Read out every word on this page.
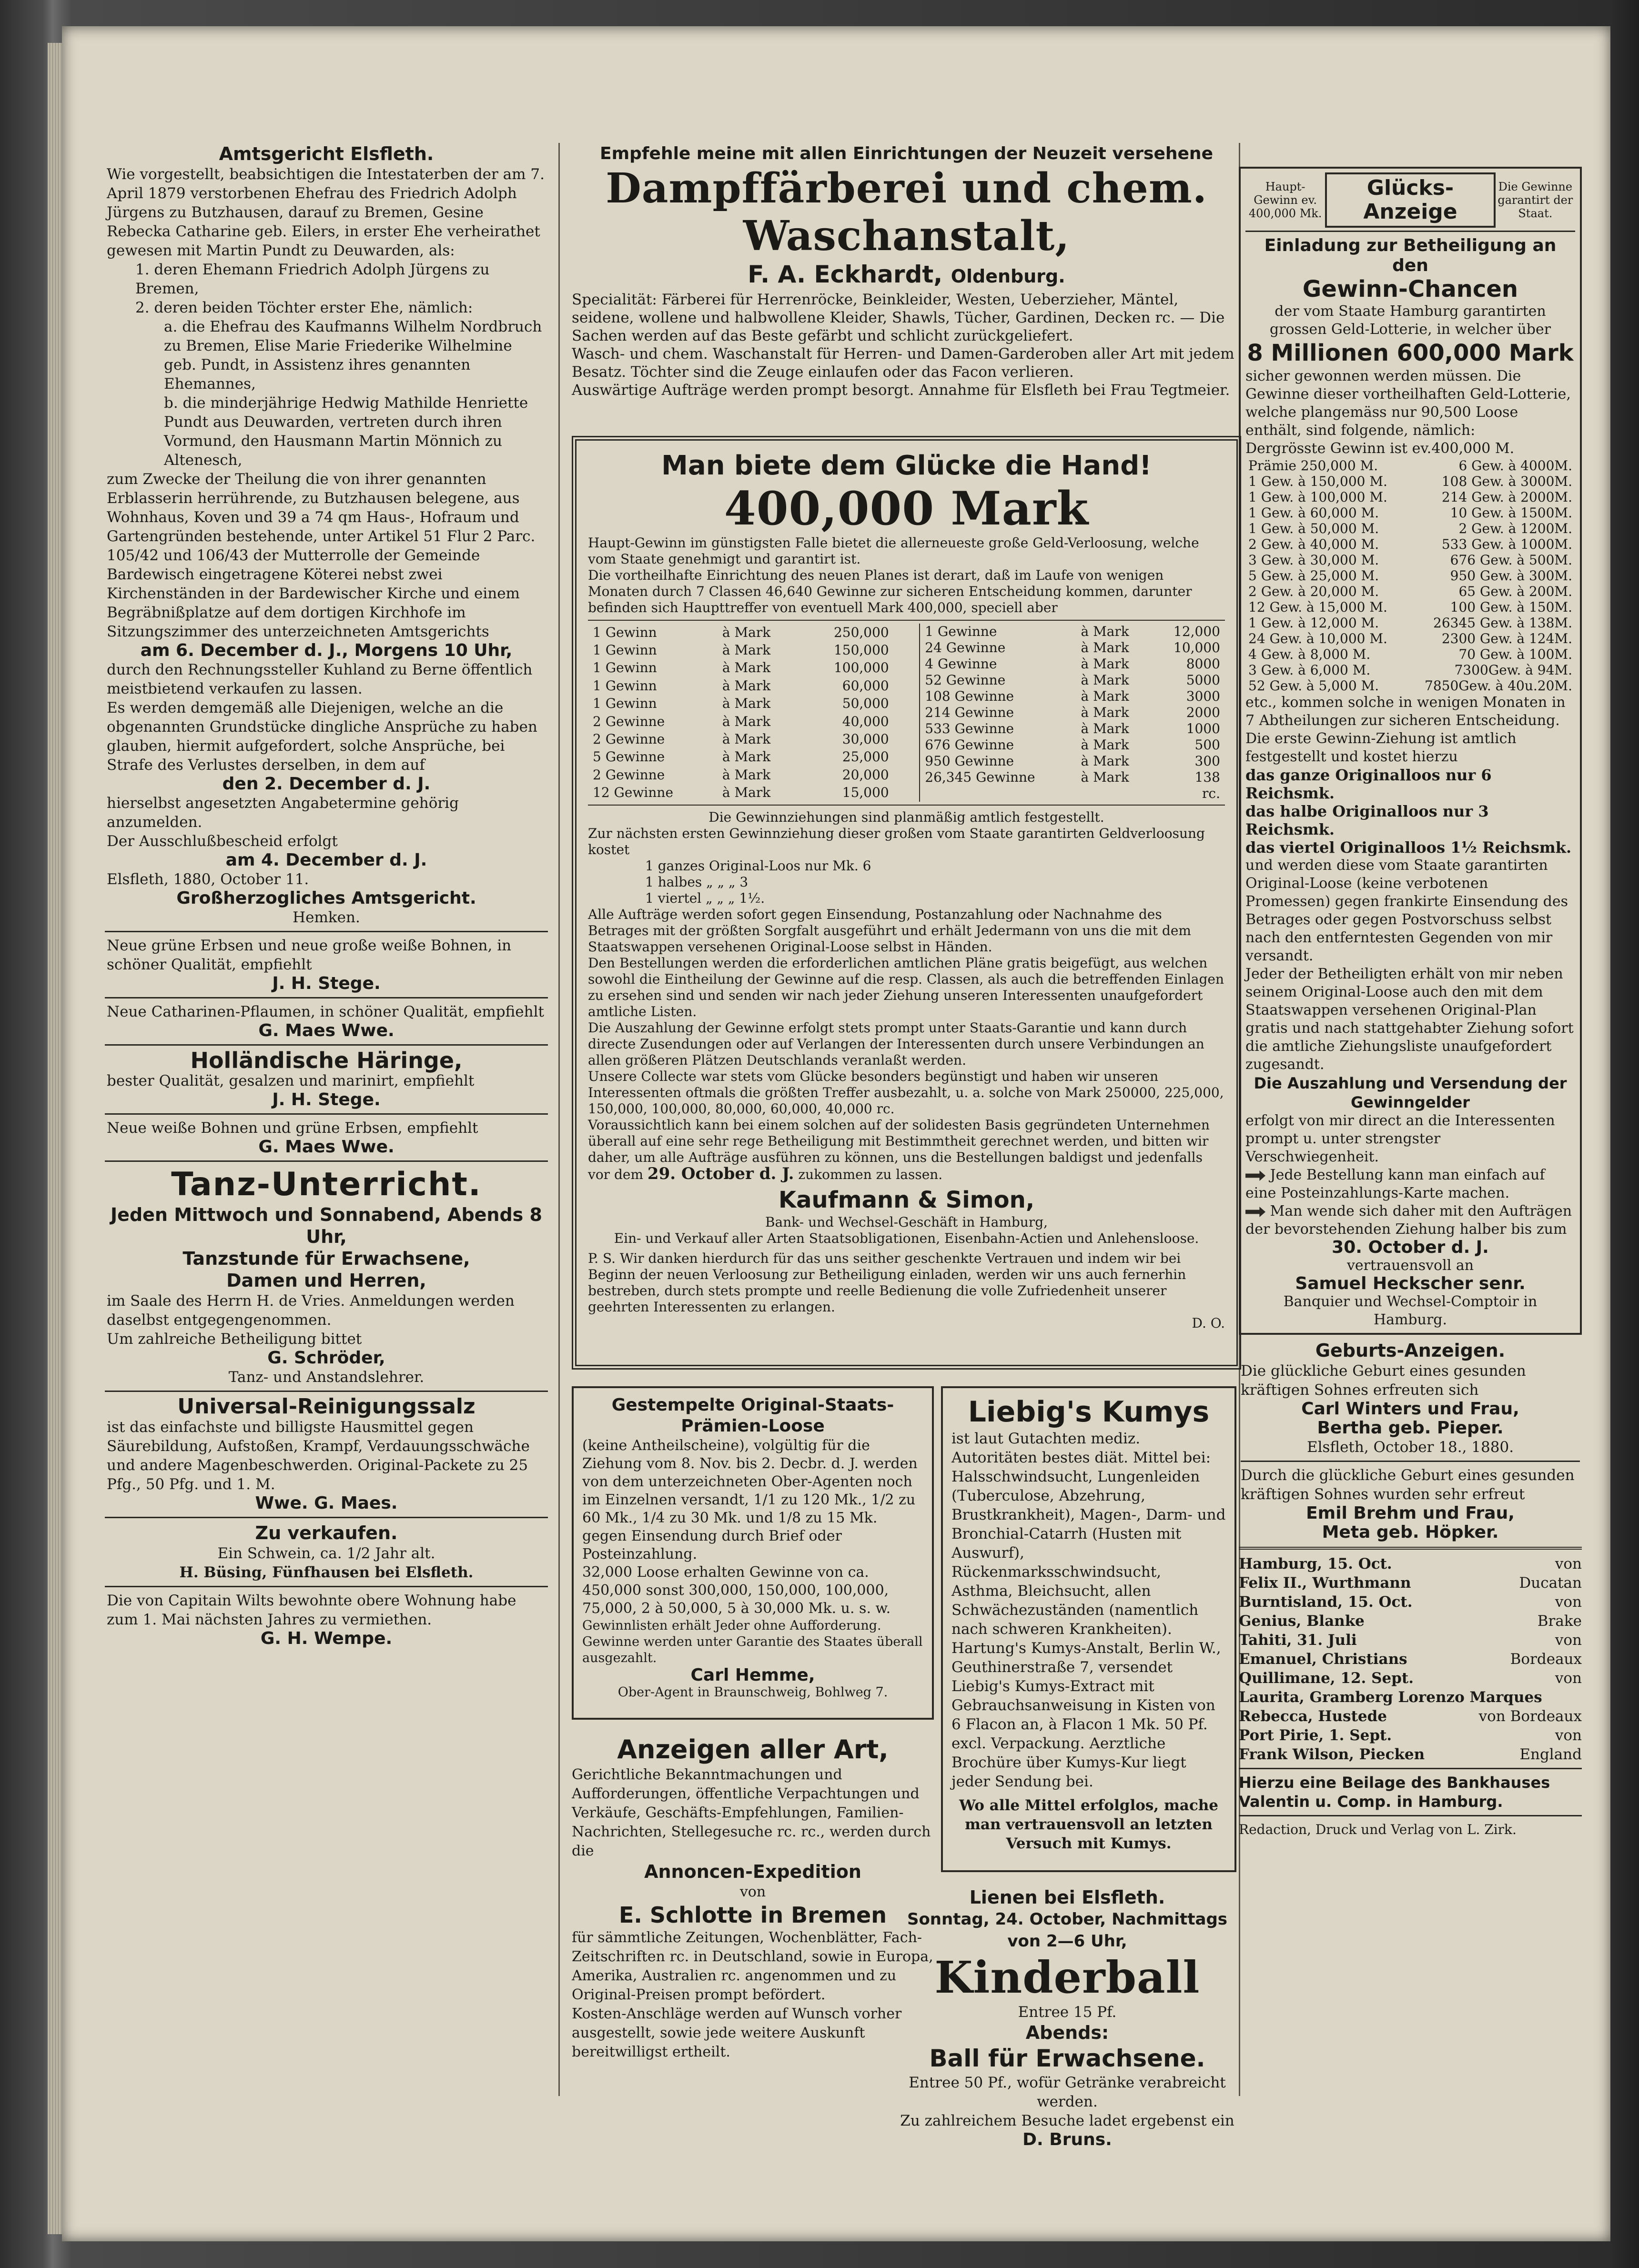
Amtsgericht Elsfleth.

Wie vorgestellt, beabsichtigen die Intestaterben der am 7. April 1879 verstorbenen Ehefrau des Friedrich Adolph Jürgens zu Butzhausen, darauf zu Bremen, Gesine Rebecka Catharine geb. Eilers, in erster Ehe verheirathet gewesen mit Martin Pundt zu Deuwarden, als:

1. deren Ehemann Friedrich Adolph Jürgens zu Bremen,

2. deren beiden Töchter erster Ehe, nämlich:

a. die Ehefrau des Kaufmanns Wilhelm Nordbruch zu Bremen, Elise Marie Friederike Wilhelmine geb. Pundt, in Assistenz ihres genannten Ehemannes,

b. die minderjährige Hedwig Mathilde Henriette Pundt aus Deuwarden, vertreten durch ihren Vormund, den Hausmann Martin Mönnich zu Altenesch,

zum Zwecke der Theilung die von ihrer genannten Erblasserin herrührende, zu Butzhausen belegene, aus Wohnhaus, Koven und 39 a 74 qm Haus-, Hofraum und Gartengründen bestehende, unter Artikel 51 Flur 2 Parc. 105/42 und 106/43 der Mutterrolle der Gemeinde Bardewisch eingetragene Köterei nebst zwei Kirchenständen in der Bardewischer Kirche und einem Begräbnißplatze auf dem dortigen Kirchhofe im Sitzungszimmer des unterzeichneten Amtsgerichts

am 6. December d. J., Morgens 10 Uhr,

durch den Rechnungssteller Kuhland zu Berne öffentlich meistbietend verkaufen zu lassen.

Es werden demgemäß alle Diejenigen, welche an die obgenannten Grundstücke dingliche Ansprüche zu haben glauben, hiermit aufgefordert, solche Ansprüche, bei Strafe des Verlustes derselben, in dem auf

den 2. December d. J.

hierselbst angesetzten Angabetermine gehörig anzumelden.

Der Ausschlußbescheid erfolgt

am 4. December d. J.

Elsfleth, 1880, October 11.

Großherzogliches Amtsgericht.
Hemken.

Neue grüne Erbsen und neue große weiße Bohnen, in schöner Qualität, empfiehlt

J. H. Stege.

Neue Catharinen-Pflaumen, in schöner Qualität, empfiehlt

G. Maes Wwe.
Holländische Häringe,

bester Qualität, gesalzen und marinirt, empfiehlt

J. H. Stege.

Neue weiße Bohnen und grüne Erbsen, empfiehlt

G. Maes Wwe.
Tanz-Unterricht.
Jeden Mittwoch und Sonnabend, Abends 8 Uhr,
Tanzstunde für Erwachsene,
Damen und Herren,

im Saale des Herrn H. de Vries. Anmeldungen werden daselbst entgegengenommen.

Um zahlreiche Betheiligung bittet

G. Schröder,
Tanz- und Anstandslehrer.
Universal-Reinigungssalz

ist das einfachste und billigste Hausmittel gegen Säurebildung, Aufstoßen, Krampf, Verdauungsschwäche und andere Magenbeschwerden. Original-Packete zu 25 Pfg., 50 Pfg. und 1. M.

Wwe. G. Maes.
Zu verkaufen.

Ein Schwein, ca. 1/2 Jahr alt.

H. Büsing, Fünfhausen bei Elsfleth.

Die von Capitain Wilts bewohnte obere Wohnung habe zum 1. Mai nächsten Jahres zu vermiethen.

G. H. Wempe.
Empfehle meine mit allen Einrichtungen der Neuzeit versehene
Dampffärberei und chem. Waschanstalt,
F. A. Eckhardt, Oldenburg.

Specialität: Färberei für Herrenröcke, Beinkleider, Westen, Ueberzieher, Mäntel, seidene, wollene und halbwollene Kleider, Shawls, Tücher, Gardinen, Decken rc. — Die Sachen werden auf das Beste gefärbt und schlicht zurückgeliefert.

Wasch- und chem. Waschanstalt für Herren- und Damen-Garderoben aller Art mit jedem Besatz. Töchter sind die Zeuge einlaufen oder das Facon verlieren.

Auswärtige Aufträge werden prompt besorgt. Annahme für Elsfleth bei Frau Tegtmeier.

Man biete dem Glücke die Hand!
400,000 Mark

Haupt-Gewinn im günstigsten Falle bietet die allerneueste große Geld-Verloosung, welche vom Staate genehmigt und garantirt ist.

Die vortheilhafte Einrichtung des neuen Planes ist derart, daß im Laufe von wenigen Monaten durch 7 Classen 46,640 Gewinne zur sicheren Entscheidung kommen, darunter befinden sich Haupttreffer von eventuell Mark 400,000, speciell aber

1 Gewinn	à Mark	250,000
1 Gewinn	à Mark	150,000
1 Gewinn	à Mark	100,000
1 Gewinn	à Mark	60,000
1 Gewinn	à Mark	50,000
2 Gewinne	à Mark	40,000
2 Gewinne	à Mark	30,000
5 Gewinne	à Mark	25,000
2 Gewinne	à Mark	20,000
12 Gewinne	à Mark	15,000
1 Gewinne	à Mark	12,000
24 Gewinne	à Mark	10,000
4 Gewinne	à Mark	8000
52 Gewinne	à Mark	5000
108 Gewinne	à Mark	3000
214 Gewinne	à Mark	2000
533 Gewinne	à Mark	1000
676 Gewinne	à Mark	500
950 Gewinne	à Mark	300
26,345 Gewinne	à Mark	138
		rc.

Die Gewinnziehungen sind planmäßig amtlich festgestellt.

Zur nächsten ersten Gewinnziehung dieser großen vom Staate garantirten Geldverloosung kostet

1 ganzes Original-Loos nur Mk. 6
1 halbes „ „ „ 3
1 viertel „ „ „ 1½.

Alle Aufträge werden sofort gegen Einsendung, Postanzahlung oder Nachnahme des Betrages mit der größten Sorgfalt ausgeführt und erhält Jedermann von uns die mit dem Staatswappen versehenen Original-Loose selbst in Händen.

Den Bestellungen werden die erforderlichen amtlichen Pläne gratis beigefügt, aus welchen sowohl die Eintheilung der Gewinne auf die resp. Classen, als auch die betreffenden Einlagen zu ersehen sind und senden wir nach jeder Ziehung unseren Interessenten unaufgefordert amtliche Listen.

Die Auszahlung der Gewinne erfolgt stets prompt unter Staats-Garantie und kann durch directe Zusendungen oder auf Verlangen der Interessenten durch unsere Verbindungen an allen größeren Plätzen Deutschlands veranlaßt werden.

Unsere Collecte war stets vom Glücke besonders begünstigt und haben wir unseren Interessenten oftmals die größten Treffer ausbezahlt, u. a. solche von Mark 250000, 225,000, 150,000, 100,000, 80,000, 60,000, 40,000 rc.

Voraussichtlich kann bei einem solchen auf der solidesten Basis gegründeten Unternehmen überall auf eine sehr rege Betheiligung mit Bestimmtheit gerechnet werden, und bitten wir daher, um alle Aufträge ausführen zu können, uns die Bestellungen baldigst und jedenfalls vor dem 29. October d. J. zukommen zu lassen.

Kaufmann & Simon,
Bank- und Wechsel-Geschäft in Hamburg,
Ein- und Verkauf aller Arten Staatsobligationen, Eisenbahn-Actien und Anlehensloose.

P. S. Wir danken hierdurch für das uns seither geschenkte Vertrauen und indem wir bei Beginn der neuen Verloosung zur Betheiligung einladen, werden wir uns auch fernerhin bestreben, durch stets prompte und reelle Bedienung die volle Zufriedenheit unserer geehrten Interessenten zu erlangen.

D. O.
Gestempelte Original-Staats-Prämien-Loose

(keine Antheilscheine), volgültig für die Ziehung vom 8. Nov. bis 2. Decbr. d. J. werden von dem unterzeichneten Ober-Agenten noch im Einzelnen versandt, 1/1 zu 120 Mk., 1/2 zu 60 Mk., 1/4 zu 30 Mk. und 1/8 zu 15 Mk. gegen Einsendung durch Brief oder Posteinzahlung.

32,000 Loose erhalten Gewinne von ca. 450,000 sonst 300,000, 150,000, 100,000, 75,000, 2 à 50,000, 5 à 30,000 Mk. u. s. w.

Gewinnlisten erhält Jeder ohne Aufforderung. Gewinne werden unter Garantie des Staates überall ausgezahlt.

Carl Hemme,
Ober-Agent in Braunschweig, Bohlweg 7.
Anzeigen aller Art,

Gerichtliche Bekanntmachungen und Aufforderungen, öffentliche Verpachtungen und Verkäufe, Geschäfts-Empfehlungen, Familien-Nachrichten, Stellegesuche rc. rc., werden durch die

Annoncen-Expedition
von
E. Schlotte in Bremen

für sämmtliche Zeitungen, Wochenblätter, Fach-Zeitschriften rc. in Deutschland, sowie in Europa, Amerika, Australien rc. angenommen und zu Original-Preisen prompt befördert.

Kosten-Anschläge werden auf Wunsch vorher ausgestellt, sowie jede weitere Auskunft bereitwilligst ertheilt.

Liebig's Kumys

ist laut Gutachten mediz. Autoritäten bestes diät. Mittel bei: Halsschwindsucht, Lungenleiden (Tuberculose, Abzehrung, Brustkrankheit), Magen-, Darm- und Bronchial-Catarrh (Husten mit Auswurf), Rückenmarksschwindsucht, Asthma, Bleichsucht, allen Schwächezuständen (namentlich nach schweren Krankheiten). Hartung's Kumys-Anstalt, Berlin W., Geuthinerstraße 7, versendet Liebig's Kumys-Extract mit Gebrauchsanweisung in Kisten von 6 Flacon an, à Flacon 1 Mk. 50 Pf. excl. Verpackung. Aerztliche Brochüre über Kumys-Kur liegt jeder Sendung bei.

Wo alle Mittel erfolglos, mache man vertrauensvoll an letzten Versuch mit Kumys.

Lienen bei Elsfleth.
Sonntag, 24. October, Nachmittags von 2—6 Uhr,
Kinderball
Entree 15 Pf.
Abends:
Ball für Erwachsene.

Entree 50 Pf., wofür Getränke verabreicht werden.

Zu zahlreichem Besuche ladet ergebenst ein

D. Bruns.
Haupt-Gewinn ev. 400,000 Mk.
Glücks-Anzeige
Die Gewinne garantirt der Staat.
Einladung zur Betheiligung an den
Gewinn-Chancen

der vom Staate Hamburg garantirten grossen Geld-Lotterie, in welcher über

8 Millionen 600,000 Mark

sicher gewonnen werden müssen. Die Gewinne dieser vortheilhaften Geld-Lotterie, welche plangemäss nur 90,500 Loose enthält, sind folgende, nämlich:

Dergrösste Gewinn ist ev.400,000 M.

Prämie 250,000 M.	6 Gew. à 4000M.
1 Gew. à 150,000 M.	108 Gew. à 3000M.
1 Gew. à 100,000 M.	214 Gew. à 2000M.
1 Gew. à 60,000 M.	10 Gew. à 1500M.
1 Gew. à 50,000 M.	2 Gew. à 1200M.
2 Gew. à 40,000 M.	533 Gew. à 1000M.
3 Gew. à 30,000 M.	676 Gew. à 500M.
5 Gew. à 25,000 M.	950 Gew. à 300M.
2 Gew. à 20,000 M.	65 Gew. à 200M.
12 Gew. à 15,000 M.	100 Gew. à 150M.
1 Gew. à 12,000 M.	26345 Gew. à 138M.
24 Gew. à 10,000 M.	2300 Gew. à 124M.
4 Gew. à 8,000 M.	70 Gew. à 100M.
3 Gew. à 6,000 M.	7300Gew. à 94M.
52 Gew. à 5,000 M.	7850Gew. à 40u.20M.

etc., kommen solche in wenigen Monaten in 7 Abtheilungen zur sicheren Entscheidung.

Die erste Gewinn-Ziehung ist amtlich festgestellt und kostet hierzu

das ganze Originalloos nur 6 Reichsmk.
das halbe Originalloos nur 3 Reichsmk.
das viertel Originalloos 1½ Reichsmk.

und werden diese vom Staate garantirten Original-Loose (keine verbotenen Promessen) gegen frankirte Einsendung des Betrages oder gegen Postvorschuss selbst nach den entferntesten Gegenden von mir versandt.

Jeder der Betheiligten erhält von mir neben seinem Original-Loose auch den mit dem Staatswappen versehenen Original-Plan gratis und nach stattgehabter Ziehung sofort die amtliche Ziehungsliste unaufgefordert zugesandt.

Die Auszahlung und Versendung der Gewinngelder

erfolgt von mir direct an die Interessenten prompt u. unter strengster Verschwiegenheit.

Jede Bestellung kann man einfach auf eine Posteinzahlungs-Karte machen.

Man wende sich daher mit den Aufträgen der bevorstehenden Ziehung halber bis zum

30. October d. J.
vertrauensvoll an
Samuel Heckscher senr.
Banquier und Wechsel-Comptoir in Hamburg.
Geburts-Anzeigen.

Die glückliche Geburt eines gesunden kräftigen Sohnes erfreuten sich

Carl Winters und Frau,
Bertha geb. Pieper.
Elsfleth, October 18., 1880.

Durch die glückliche Geburt eines gesunden kräftigen Sohnes wurden sehr erfreut

Emil Brehm und Frau,
Meta geb. Höpker.
Hamburg, 15. Oct.	von
Felix II., Wurthmann	Ducatan
Burntisland, 15. Oct.	von
Genius, Blanke	Brake
Tahiti, 31. Juli	von
Emanuel, Christians	Bordeaux
Quillimane, 12. Sept.	von
Laurita, Gramberg Lorenzo Marques
Rebecca, Hustede	von Bordeaux
Port Pirie, 1. Sept.	von
Frank Wilson, Piecken	England

Hierzu eine Beilage des Bankhauses Valentin u. Comp. in Hamburg.

Redaction, Druck und Verlag von L. Zirk.
